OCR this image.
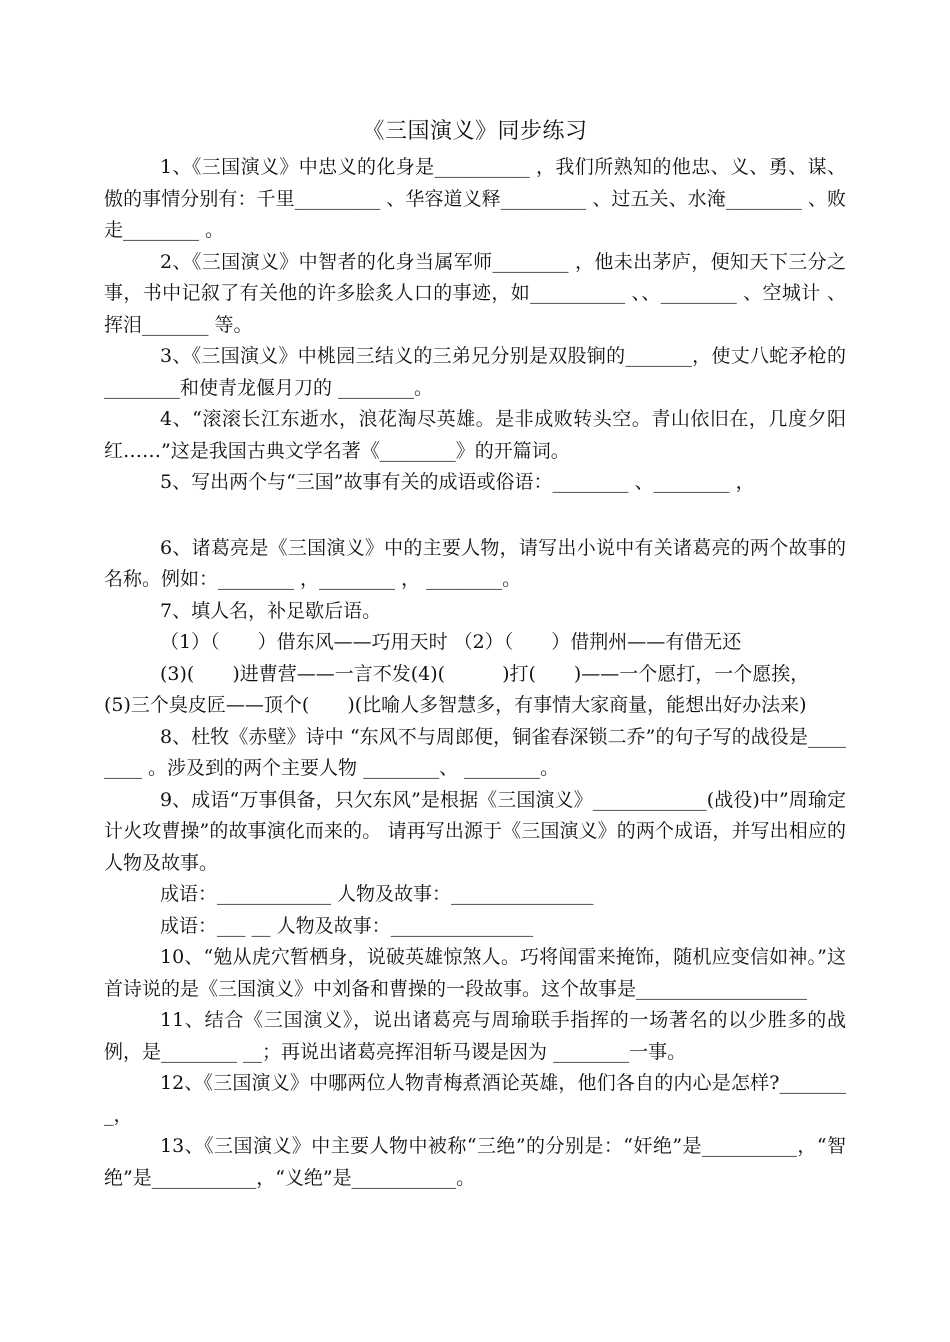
《三国演义》同步练习

1、《三国演义》中忠义的化身是__________ ，我们所熟知的他忠、义、勇、谋、傲的事情分别有：千里_________ 、华容道义释_________ 、过五关、水淹________ 、败走________ 。

2、《三国演义》中智者的化身当属军师________ ，他未出茅庐，便知天下三分之事，书中记叙了有关他的许多脍炙人口的事迹，如__________ 、、________ 、空城计 、挥泪_______ 等。

3、《三国演义》中桃园三结义的三弟兄分别是双股锏的_______，使丈八蛇矛枪的________和使青龙偃月刀的 ________。

4、“滚滚长江东逝水，浪花淘尽英雄。是非成败转头空。青山依旧在，几度夕阳红……”这是我国古典文学名著《________》的开篇词。

5、写出两个与“三国”故事有关的成语或俗语：________ 、________ ，

6、诸葛亮是《三国演义》中的主要人物，请写出小说中有关诸葛亮的两个故事的名称。例如：________ ，________ ， ________。

7、填人名，补足歇后语。

（1）（　　）借东风——巧用天时 （2）（　　）借荆州——有借无还

(3)(　　)进曹营——一言不发(4)(　　　)打(　　)——一个愿打，一个愿挨，

(5)三个臭皮匠——顶个(　　)(比喻人多智慧多，有事情大家商量，能想出好办法来)

8、杜牧《赤壁》诗中 “东风不与周郎便，铜雀春深锁二乔”的句子写的战役是________ 。涉及到的两个主要人物 ________、 ________。

9、成语“万事俱备，只欠东风”是根据《三国演义》____________(战役)中”周瑜定计火攻曹操”的故事演化而来的。 请再写出源于《三国演义》的两个成语，并写出相应的人物及故事。

成语：____________ 人物及故事：_______________

成语：___ __ 人物及故事：_______________

10、“勉从虎穴暂栖身，说破英雄惊煞人。巧将闻雷来掩饰，随机应变信如神。”这首诗说的是《三国演义》中刘备和曹操的一段故事。这个故事是__________________

11、结合《三国演义》，说出诸葛亮与周瑜联手指挥的一场著名的以少胜多的战例，是________ __；再说出诸葛亮挥泪斩马谡是因为 ________一事。

12、《三国演义》中哪两位人物青梅煮酒论英雄，他们各自的内心是怎样?________，

13、《三国演义》中主要人物中被称“三绝”的分别是：“奸绝”是__________，“智绝”是___________，“义绝”是___________。
